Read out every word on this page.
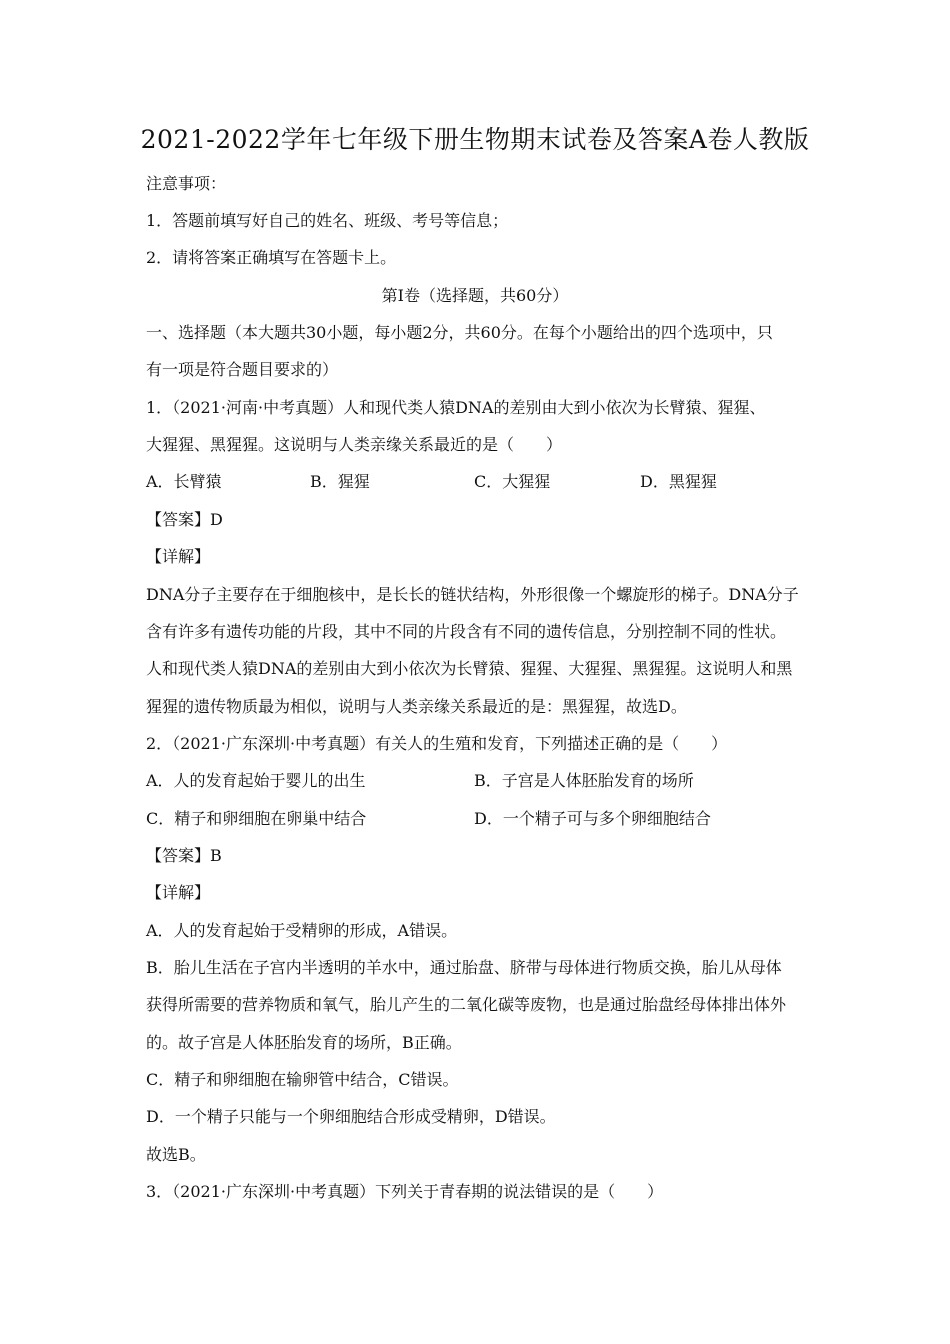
2021-2022学年七年级下册生物期末试卷及答案A卷人教版
注意事项：
1．答题前填写好自己的姓名、班级、考号等信息；
2．请将答案正确填写在答题卡上。
第I卷（选择题，共60分）
一、选择题（本大题共30小题，每小题2分，共60分。在每个小题给出的四个选项中，只
有一项是符合题目要求的）
1．（2021·河南·中考真题）人和现代类人猿DNA的差别由大到小依次为长臂猿、猩猩、
大猩猩、黑猩猩。这说明与人类亲缘关系最近的是（　　）
A．长臂猿	B．猩猩	C．大猩猩	D．黑猩猩
【答案】D
【详解】
DNA分子主要存在于细胞核中，是长长的链状结构，外形很像一个螺旋形的梯子。DNA分子
含有许多有遗传功能的片段，其中不同的片段含有不同的遗传信息，分别控制不同的性状。
人和现代类人猿DNA的差别由大到小依次为长臂猿、猩猩、大猩猩、黑猩猩。这说明人和黑
猩猩的遗传物质最为相似，说明与人类亲缘关系最近的是：黑猩猩，故选D。
2．（2021·广东深圳·中考真题）有关人的生殖和发育，下列描述正确的是（　　）
A．人的发育起始于婴儿的出生	B．子宫是人体胚胎发育的场所
C．精子和卵细胞在卵巢中结合	D．一个精子可与多个卵细胞结合
【答案】B
【详解】
A．人的发育起始于受精卵的形成，A错误。
B．胎儿生活在子宫内半透明的羊水中，通过胎盘、脐带与母体进行物质交换，胎儿从母体
获得所需要的营养物质和氧气，胎儿产生的二氧化碳等废物，也是通过胎盘经母体排出体外
的。故子宫是人体胚胎发育的场所，B正确。
C．精子和卵细胞在输卵管中结合，C错误。
D．一个精子只能与一个卵细胞结合形成受精卵，D错误。
故选B。
3．（2021·广东深圳·中考真题）下列关于青春期的说法错误的是（　　）
